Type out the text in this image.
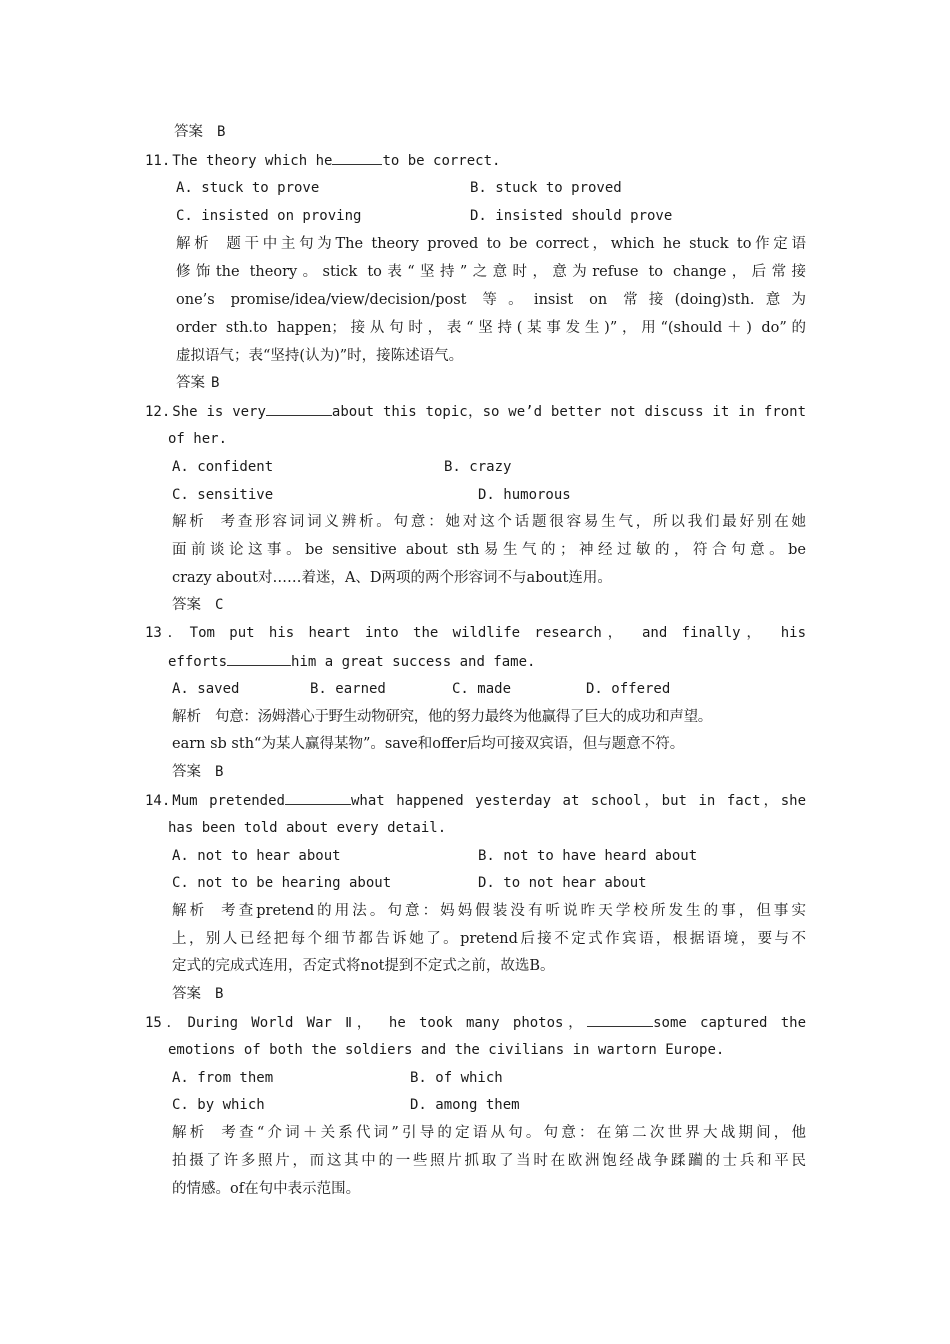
答案 B
11. The theory which he	to be correct.
A. stuck to prove	B. stuck to proved
C. insisted on proving	D. insisted should prove
解析 题干中主句为The theory proved to be correct，which he stuck to作定语
修饰the theory。stick to表“坚持”之意时，意为refuse to change，后常接
one’s promise/idea/view/decision/post 等。insist on 常接(doing)sth.意为
order sth.to happen；接从句时，表“坚持(某事发生)”，用“(should＋) do”的
虚拟语气；表“坚持(认为)”时，接陈述语气。
答案 B
12. She is very	about this topic，so we’d better not discuss it in front
of her.
A. confident	B. crazy
C. sensitive	D. humorous
解析 考查形容词词义辨析。句意：她对这个话题很容易生气，所以我们最好别在她
面前谈论这事。be sensitive about sth易生气的；神经过敏的，符合句意。be
crazy about对……着迷，A、D两项的两个形容词不与about连用。
答案 C
13． Tom put his heart into the wildlife research， and finally， his
efforts	him a great success and fame.
A. saved	B. earned	C. made	D. offered
解析 句意：汤姆潜心于野生动物研究，他的努力最终为他赢得了巨大的成功和声望。
earn sb sth“为某人赢得某物”。save和offer后均可接双宾语，但与题意不符。
答案 B
14. Mum pretended	what happened yesterday at school，but in fact，she
has been told about every detail.
A. not to hear about	B. not to have heard about
C. not to be hearing about	D. to not hear about
解析 考查pretend的用法。句意：妈妈假装没有听说昨天学校所发生的事，但事实
上，别人已经把每个细节都告诉她了。pretend后接不定式作宾语，根据语境，要与不
定式的完成式连用，否定式将not提到不定式之前，故选B。
答案 B
15． During World War Ⅱ， he took many photos，	some captured the
emotions of both the soldiers and the civilians in wartorn Europe.
A. from them	B. of which
C. by which	D. among them
解析 考查“介词＋关系代词”引导的定语从句。句意：在第二次世界大战期间，他
拍摄了许多照片，而这其中的一些照片抓取了当时在欧洲饱经战争蹂躏的士兵和平民
的情感。of在句中表示范围。
